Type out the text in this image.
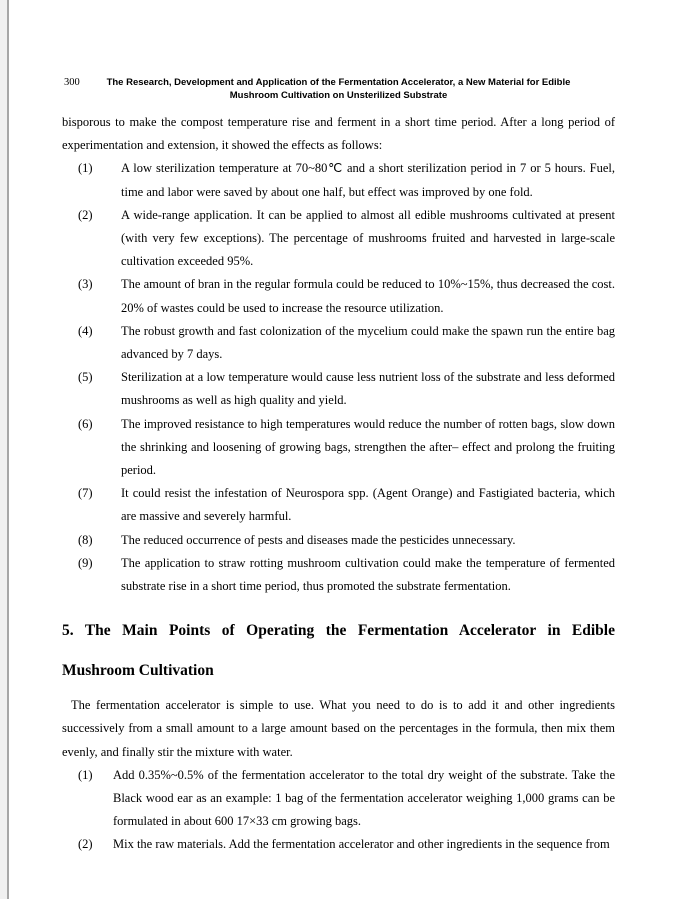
300	The Research, Development and Application of the Fermentation Accelerator, a New Material for Edible
Mushroom Cultivation on Unsterilized Substrate
bisporous to make the compost temperature rise and ferment in a short time period. After a long period of experimentation and extension, it showed the effects as follows:
(1) A low sterilization temperature at 70~80℃ and a short sterilization period in 7 or 5 hours. Fuel, time and labor were saved by about one half, but effect was improved by one fold.
(2) A wide-range application. It can be applied to almost all edible mushrooms cultivated at present (with very few exceptions). The percentage of mushrooms fruited and harvested in large-scale cultivation exceeded 95%.
(3) The amount of bran in the regular formula could be reduced to 10%~15%, thus decreased the cost. 20% of wastes could be used to increase the resource utilization.
(4) The robust growth and fast colonization of the mycelium could make the spawn run the entire bag advanced by 7 days.
(5) Sterilization at a low temperature would cause less nutrient loss of the substrate and less deformed mushrooms as well as high quality and yield.
(6) The improved resistance to high temperatures would reduce the number of rotten bags, slow down the shrinking and loosening of growing bags, strengthen the after– effect and prolong the fruiting period.
(7) It could resist the infestation of Neurospora spp. (Agent Orange) and Fastigiated bacteria, which are massive and severely harmful.
(8) The reduced occurrence of pests and diseases made the pesticides unnecessary.
(9) The application to straw rotting mushroom cultivation could make the temperature of fermented substrate rise in a short time period, thus promoted the substrate fermentation.
5. The Main Points of Operating the Fermentation Accelerator in Edible
Mushroom Cultivation
The fermentation accelerator is simple to use. What you need to do is to add it and other ingredients successively from a small amount to a large amount based on the percentages in the formula, then mix them evenly, and finally stir the mixture with water.
(1) Add 0.35%~0.5% of the fermentation accelerator to the total dry weight of the substrate. Take the Black wood ear as an example: 1 bag of the fermentation accelerator weighing 1,000 grams can be formulated in about 600 17×33 cm growing bags.
(2) Mix the raw materials. Add the fermentation accelerator and other ingredients in the sequence from
